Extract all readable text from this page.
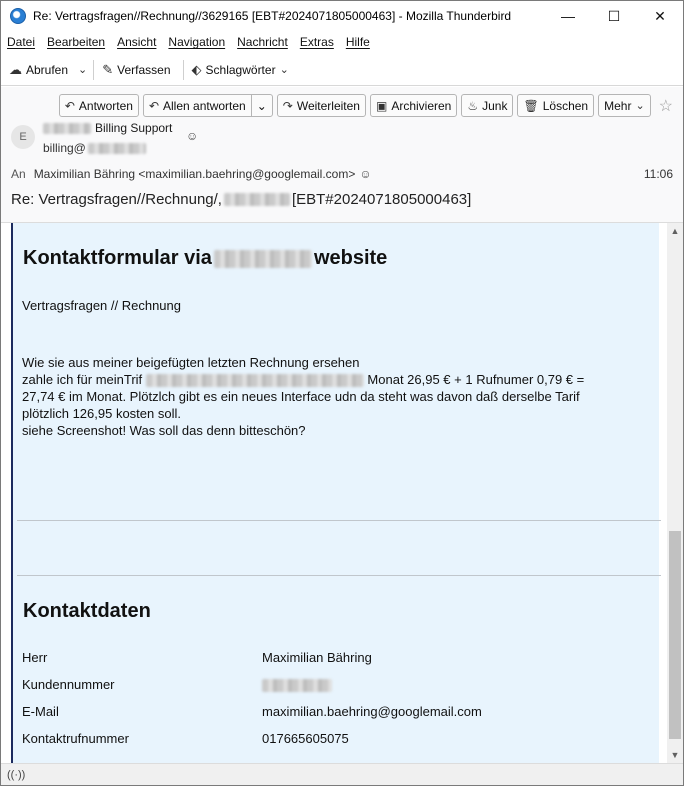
Re: Vertragsfragen//Rechnung//3629165 [EBT#2024071805000463] - Mozilla Thunderbird	—	☐	✕
Datei Bearbeiten Ansicht Navigation Nachricht Extras Hilfe
☁ Abrufen ⌄ ✎ Verfassen ⬖ Schlagwörter ⌄
↶ Antworten ↶ Allen antworten ⌄	↷ Weiterleiten ▣ Archivieren ♨ Junk 🗑 Löschen Mehr ⌄ ☆
E
Billing Support
☺
billing@
An Maximilian Bähring <maximilian.baehring@googlemail.com> ☺	11:06
Re: Vertragsfragen//Rechnung/,	[EBT#2024071805000463]
Kontaktformular via	website
Vertragsfragen // Rechnung
Wie sie aus meiner beigefügten letzten Rechnung ersehen
zahle ich für meinTrif	Monat 26,95 € + 1 Rufnumer 0,79 € =
27,74 € im Monat. Plötzlch gibt es ein neues Interface udn da steht was davon daß derselbe Tarif
plötzlich 126,95 kosten soll.
siehe Screenshot! Was soll das denn bitteschön?
Kontaktdaten
Herr	Maximilian Bähring
Kundennummer
E-Mail	maximilian.baehring@googlemail.com
Kontaktrufnummer	017665605075
▲
▼
((·))
